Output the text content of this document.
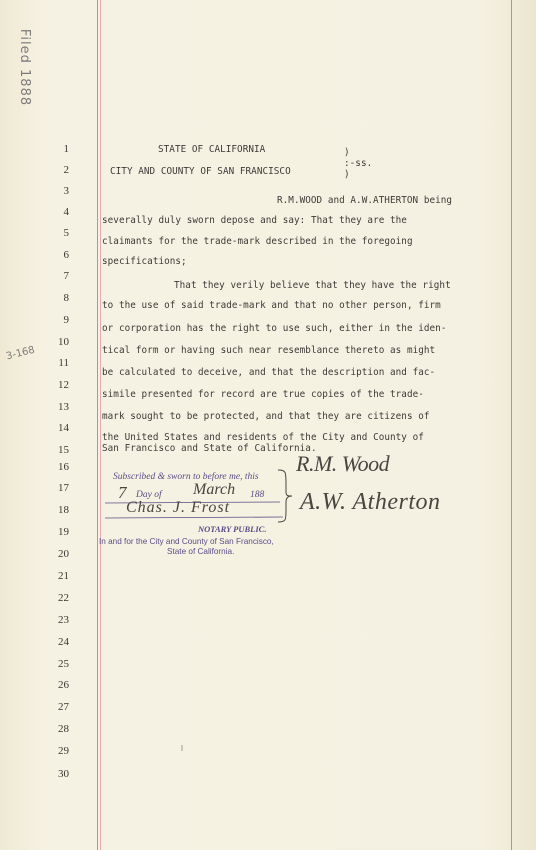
Filed 1888
3-168
1
2
3
4
5
6
7
8
9
10
11
12
13
14
15
16
17
18
19
20
21
22
23
24
25
26
27
28
29
30
STATE OF CALIFORNIA	)
CITY AND COUNTY OF SAN FRANCISCO
:-ss.
)
R.M.WOOD and A.W.ATHERTON being
severally duly sworn depose and say: That they are the
claimants for the trade-mark described in the foregoing
specifications;
That they verily believe that they have the right
to the use of said trade-mark and that no other person, firm
or corporation has the right to use such, either in the iden-
tical form or having such near resemblance thereto as might
be calculated to deceive, and that the description and fac-
simile presented for record are true copies of the trade-
mark sought to be protected, and that they are citizens of
the United States and residents of the City and County of
San Francisco and State of California.
Subscribed & sworn to before me, this
7 Day of March 188
Chas. J. Frost
NOTARY PUBLIC.
In and for the City and County of San Francisco,
State of California.
R.M. Wood
A.W. Atherton
